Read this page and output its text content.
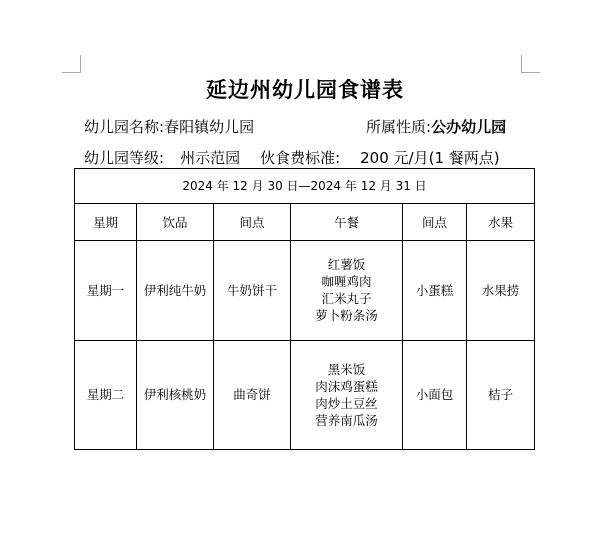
延边州幼儿园食谱表
幼儿园名称:春阳镇幼儿园	所属性质:公办幼儿园
幼儿园等级: 州示范园 伙食费标准: 200 元/月(1 餐两点)
2024 年 12 月 30 日—2024 年 12 月 31 日					
星期	饮品	间点	午餐	间点	水果
星期一	伊利纯牛奶	牛奶饼干	红薯饭
咖喱鸡肉
汇米丸子
萝卜粉条汤	小蛋糕	水果捞
星期二	伊利核桃奶	曲奇饼	黑米饭
肉沫鸡蛋糕
肉炒土豆丝
营养南瓜汤	小面包	桔子
